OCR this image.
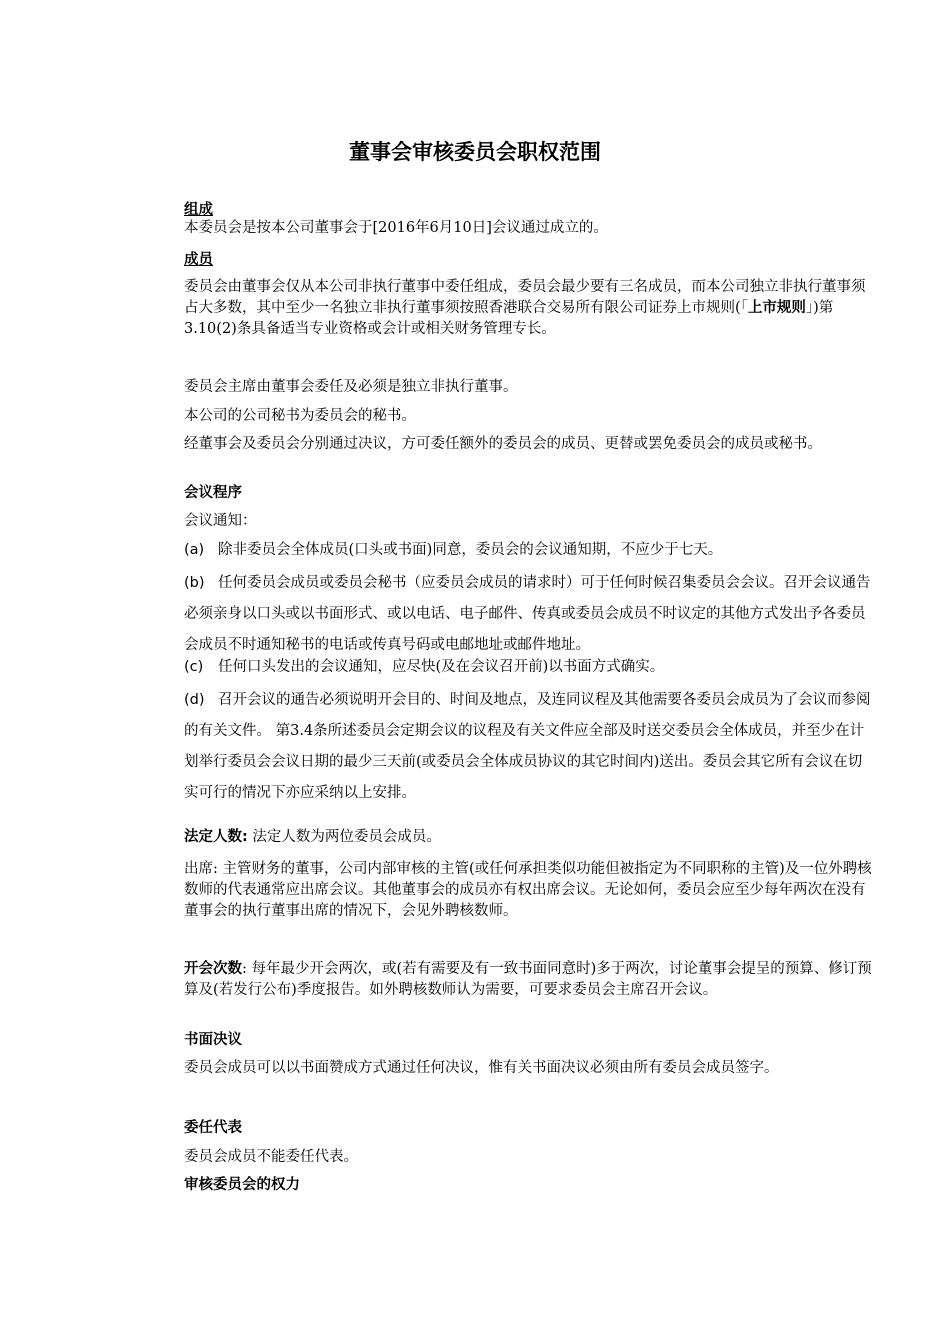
董事会审核委员会职权范围
组成
本委员会是按本公司董事会于[2016年6月10日]会议通过成立的。
成员
委员会由董事会仅从本公司非执行董事中委任组成，委员会最少要有三名成员，而本公司独立非执行董事须占大多数，其中至少一名独立非执行董事须按照香港联合交易所有限公司证券上市规则(「上市规则」)第3.10(2)条具备适当专业资格或会计或相关财务管理专长。
委员会主席由董事会委任及必须是独立非执行董事。
本公司的公司秘书为委员会的秘书。
经董事会及委员会分别通过决议，方可委任额外的委员会的成员、更替或罢免委员会的成员或秘书。
会议程序
会议通知：
(a) 除非委员会全体成员(口头或书面)同意，委员会的会议通知期，不应少于七天。
(b) 任何委员会成员或委员会秘书（应委员会成员的请求时）可于任何时候召集委员会会议。召开会议通告必须亲身以口头或以书面形式、或以电话、电子邮件、传真或委员会成员不时议定的其他方式发出予各委员会成员不时通知秘书的电话或传真号码或电邮地址或邮件地址。
(c) 任何口头发出的会议通知，应尽快(及在会议召开前)以书面方式确实。
(d) 召开会议的通告必须说明开会目的、时间及地点，及连同议程及其他需要各委员会成员为了会议而参阅的有关文件。 第3.4条所述委员会定期会议的议程及有关文件应全部及时送交委员会全体成员，并至少在计划举行委员会会议日期的最少三天前(或委员会全体成员协议的其它时间内)送出。委员会其它所有会议在切实可行的情况下亦应采纳以上安排。
法定人数: 法定人数为两位委员会成员。
出席: 主管财务的董事，公司内部审核的主管(或任何承担类似功能但被指定为不同职称的主管)及一位外聘核数师的代表通常应出席会议。其他董事会的成员亦有权出席会议。无论如何，委员会应至少每年两次在没有董事会的执行董事出席的情况下，会见外聘核数师。
开会次数: 每年最少开会两次，或(若有需要及有一致书面同意时)多于两次，讨论董事会提呈的预算、修订预算及(若发行公布)季度报告。如外聘核数师认为需要，可要求委员会主席召开会议。
书面决议
委员会成员可以以书面赞成方式通过任何决议，惟有关书面决议必须由所有委员会成员签字。
委任代表
委员会成员不能委任代表。
审核委员会的权力
